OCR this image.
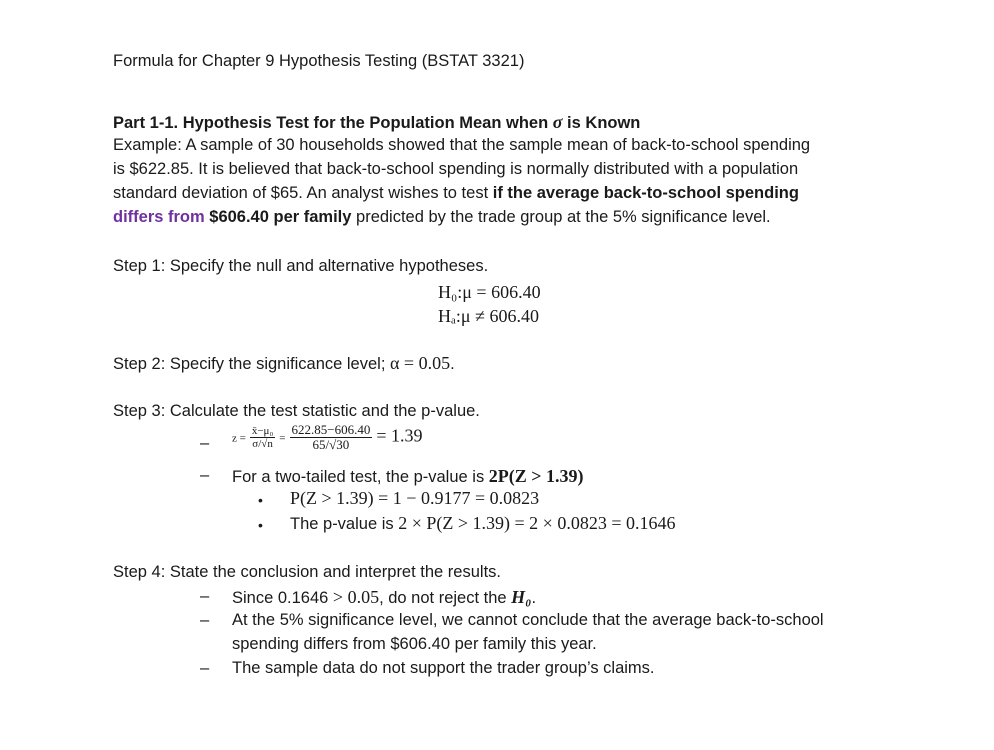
Formula for Chapter 9 Hypothesis Testing (BSTAT 3321)
Part 1-1. Hypothesis Test for the Population Mean when σ is Known
Example: A sample of 30 households showed that the sample mean of back-to-school spending
is $622.85. It is believed that back-to-school spending is normally distributed with a population
standard deviation of $65. An analyst wishes to test if the average back-to-school spending
differs from $606.40 per family predicted by the trade group at the 5% significance level.
Step 1: Specify the null and alternative hypotheses.
H₀:μ = 606.40
Hₐ:μ ≠ 606.40
Step 2: Specify the significance level; α = 0.05.
Step 3: Calculate the test statistic and the p-value.
– $z = \frac{\text{x̄−μ₀}}{\sigma/√n} = \frac{622.85-606.40}{65/√30} = 1.39$
– For a two-tailed test, the p-value is 2P(Z > 1.39)
• P(Z > 1.39) = 1 − 0.9177 = 0.0823
• The p-value is 2 × P(Z > 1.39) = 2 × 0.0823 = 0.1646
Step 4: State the conclusion and interpret the results.
– Since 0.1646 > 0.05, do not reject the H₀.
– At the 5% significance level, we cannot conclude that the average back-to-school
spending differs from $606.40 per family this year.
– The sample data do not support the trader group’s claims.
